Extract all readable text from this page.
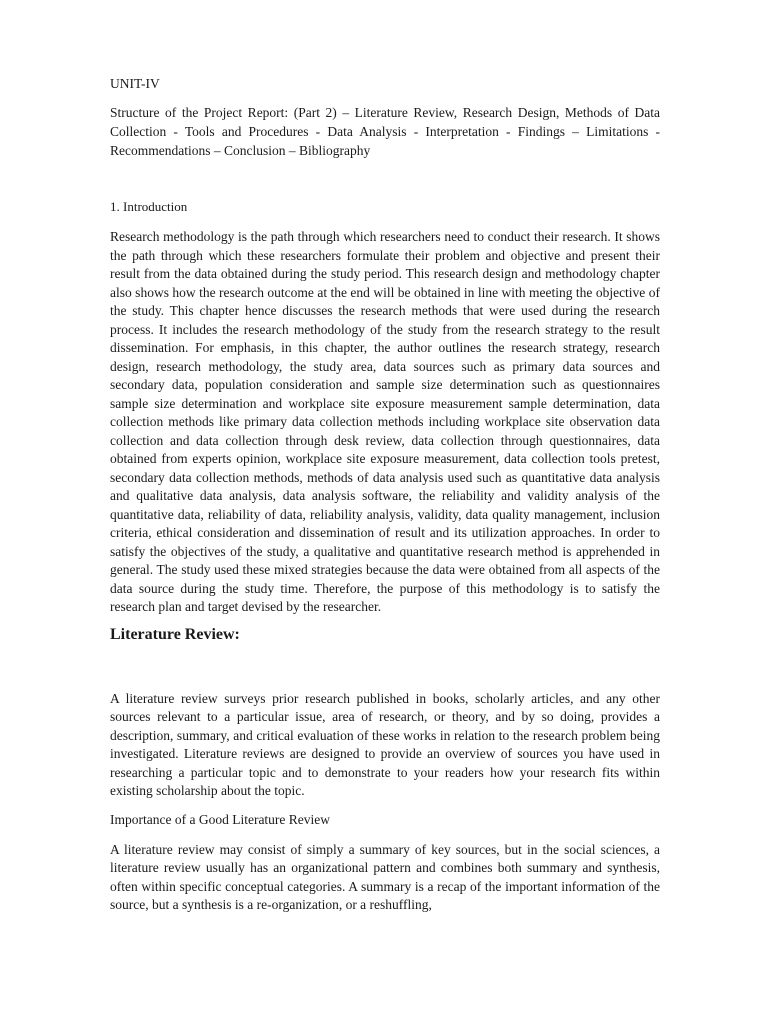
UNIT-IV

Structure of the Project Report: (Part 2) – Literature Review, Research Design, Methods of Data Collection - Tools and Procedures - Data Analysis - Interpretation - Findings – Limitations -Recommendations – Conclusion – Bibliography

1. Introduction

Research methodology is the path through which researchers need to conduct their research. It shows the path through which these researchers formulate their problem and objective and present their result from the data obtained during the study period. This research design and methodology chapter also shows how the research outcome at the end will be obtained in line with meeting the objective of the study. This chapter hence discusses the research methods that were used during the research process. It includes the research methodology of the study from the research strategy to the result dissemination. For emphasis, in this chapter, the author outlines the research strategy, research design, research methodology, the study area, data sources such as primary data sources and secondary data, population consideration and sample size determination such as questionnaires sample size determination and workplace site exposure measurement sample determination, data collection methods like primary data collection methods including workplace site observation data collection and data collection through desk review, data collection through questionnaires, data obtained from experts opinion, workplace site exposure measurement, data collection tools pretest, secondary data collection methods, methods of data analysis used such as quantitative data analysis and qualitative data analysis, data analysis software, the reliability and validity analysis of the quantitative data, reliability of data, reliability analysis, validity, data quality management, inclusion criteria, ethical consideration and dissemination of result and its utilization approaches. In order to satisfy the objectives of the study, a qualitative and quantitative research method is apprehended in general. The study used these mixed strategies because the data were obtained from all aspects of the data source during the study time. Therefore, the purpose of this methodology is to satisfy the research plan and target devised by the researcher.

Literature Review:

A literature review surveys prior research published in books, scholarly articles, and any other sources relevant to a particular issue, area of research, or theory, and by so doing, provides a description, summary, and critical evaluation of these works in relation to the research problem being investigated. Literature reviews are designed to provide an overview of sources you have used in researching a particular topic and to demonstrate to your readers how your research fits within existing scholarship about the topic.

Importance of a Good Literature Review

A literature review may consist of simply a summary of key sources, but in the social sciences, a literature review usually has an organizational pattern and combines both summary and synthesis, often within specific conceptual categories. A summary is a recap of the important information of the source, but a synthesis is a re-organization, or a reshuffling,
